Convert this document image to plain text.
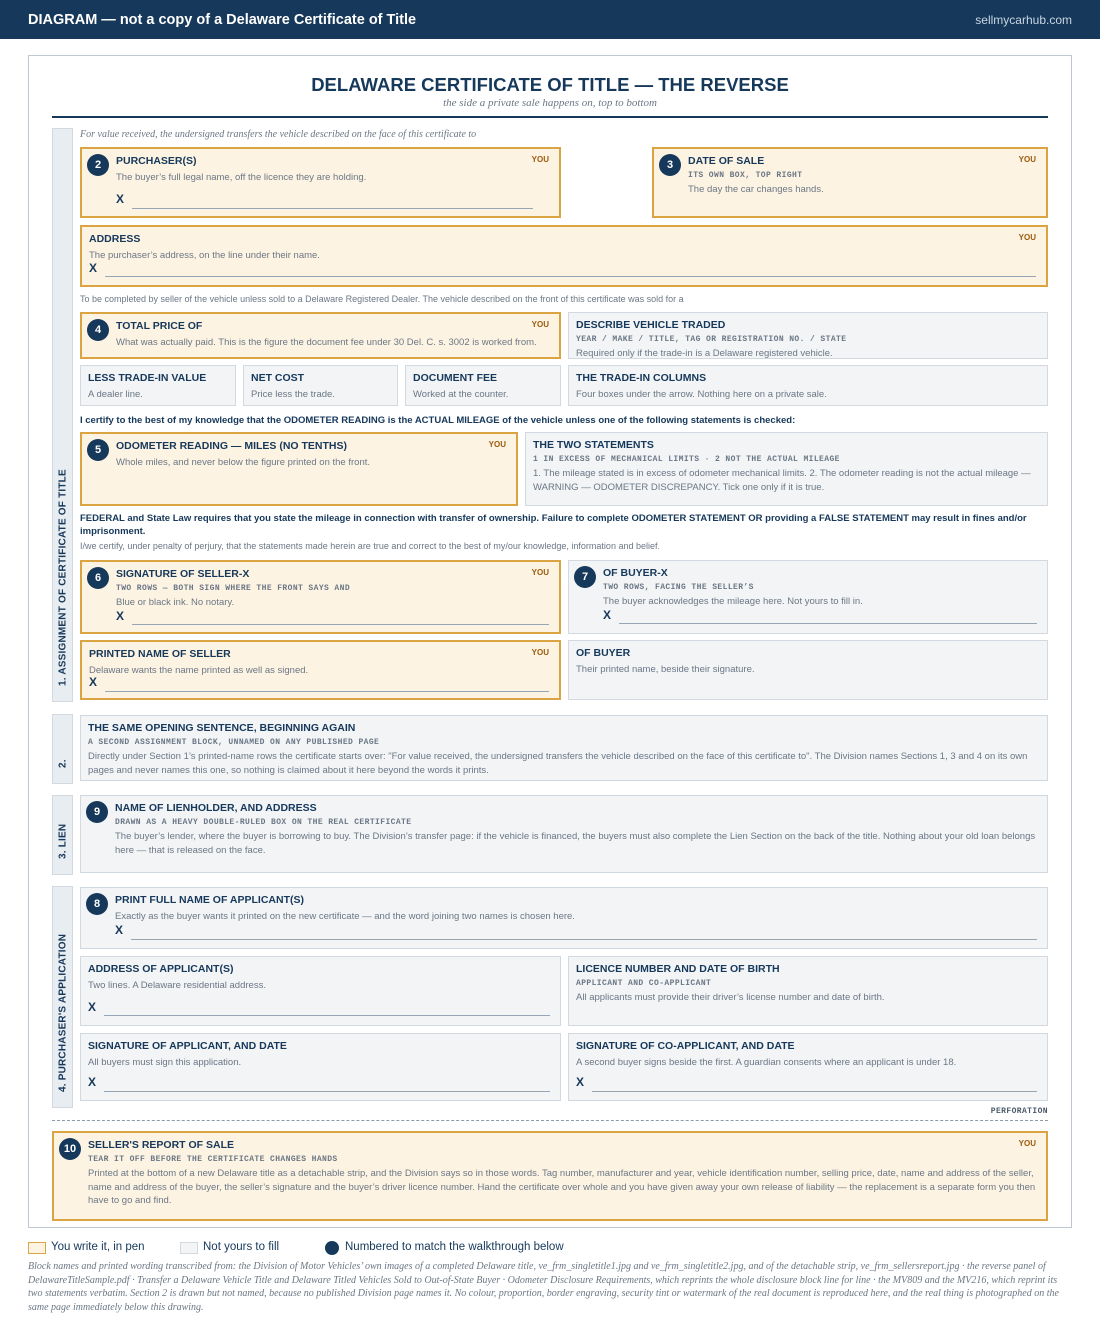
DIAGRAM — not a copy of a Delaware Certificate of Title	sellmycarhub.com
DELAWARE CERTIFICATE OF TITLE — THE REVERSE
the side a private sale happens on, top to bottom
1. ASSIGNMENT OF CERTIFICATE OF TITLE
2.
3. LIEN
4. PURCHASER'S APPLICATION
For value received, the undersigned transfers the vehicle described on the face of this certificate to
2	PURCHASER(S)	YOU
The buyer’s full legal name, off the licence they are holding.
X
3	DATE OF SALE	YOU
ITS OWN BOX, TOP RIGHT
The day the car changes hands.
ADDRESS	YOU
The purchaser’s address, on the line under their name.
X
To be completed by seller of the vehicle unless sold to a Delaware Registered Dealer. The vehicle described on the front of this certificate was sold for a
4	TOTAL PRICE OF	YOU
What was actually paid. This is the figure the document fee under 30 Del. C. s. 3002 is worked from.
DESCRIBE VEHICLE TRADED
YEAR / MAKE / TITLE, TAG OR REGISTRATION NO. / STATE
Required only if the trade-in is a Delaware registered vehicle.
LESS TRADE-IN VALUE
A dealer line.
NET COST
Price less the trade.
DOCUMENT FEE
Worked at the counter.
THE TRADE-IN COLUMNS
Four boxes under the arrow. Nothing here on a private sale.
I certify to the best of my knowledge that the ODOMETER READING is the ACTUAL MILEAGE of the vehicle unless one of the following statements is checked:
5	ODOMETER READING — MILES (NO TENTHS)	YOU
Whole miles, and never below the figure printed on the front.
THE TWO STATEMENTS
1 IN EXCESS OF MECHANICAL LIMITS · 2 NOT THE ACTUAL MILEAGE
1. The mileage stated is in excess of odometer mechanical limits. 2. The odometer reading is not the actual mileage — WARNING — ODOMETER DISCREPANCY. Tick one only if it is true.
FEDERAL and State Law requires that you state the mileage in connection with transfer of ownership. Failure to complete ODOMETER STATEMENT OR providing a FALSE STATEMENT may result in fines and/or imprisonment.
I/we certify, under penalty of perjury, that the statements made herein are true and correct to the best of my/our knowledge, information and belief.
6	SIGNATURE OF SELLER-X	YOU
TWO ROWS — BOTH SIGN WHERE THE FRONT SAYS AND
Blue or black ink. No notary.
X
7	OF BUYER-X
TWO ROWS, FACING THE SELLER’S
The buyer acknowledges the mileage here. Not yours to fill in.
X
PRINTED NAME OF SELLER	YOU
Delaware wants the name printed as well as signed.
X
OF BUYER
Their printed name, beside their signature.
THE SAME OPENING SENTENCE, BEGINNING AGAIN
A SECOND ASSIGNMENT BLOCK, UNNAMED ON ANY PUBLISHED PAGE
Directly under Section 1’s printed-name rows the certificate starts over: "For value received, the undersigned transfers the vehicle described on the face of this certificate to". The Division names Sections 1, 3 and 4 on its own pages and never names this one, so nothing is claimed about it here beyond the words it prints.
9	NAME OF LIENHOLDER, AND ADDRESS
DRAWN AS A HEAVY DOUBLE-RULED BOX ON THE REAL CERTIFICATE
The buyer’s lender, where the buyer is borrowing to buy. The Division’s transfer page: if the vehicle is financed, the buyers must also complete the Lien Section on the back of the title. Nothing about your old loan belongs here — that is released on the face.
8	PRINT FULL NAME OF APPLICANT(S)
Exactly as the buyer wants it printed on the new certificate — and the word joining two names is chosen here.
X
ADDRESS OF APPLICANT(S)
Two lines. A Delaware residential address.
X
LICENCE NUMBER AND DATE OF BIRTH
APPLICANT AND CO-APPLICANT
All applicants must provide their driver’s license number and date of birth.
SIGNATURE OF APPLICANT, AND DATE
All buyers must sign this application.
X
SIGNATURE OF CO-APPLICANT, AND DATE
A second buyer signs beside the first. A guardian consents where an applicant is under 18.
X
PERFORATION
10	SELLER'S REPORT OF SALE	YOU
TEAR IT OFF BEFORE THE CERTIFICATE CHANGES HANDS
Printed at the bottom of a new Delaware title as a detachable strip, and the Division says so in those words. Tag number, manufacturer and year, vehicle identification number, selling price, date, name and address of the seller, name and address of the buyer, the seller’s signature and the buyer’s driver licence number. Hand the certificate over whole and you have given away your own release of liability — the replacement is a separate form you then have to go and find.
You write it, in pen	Not yours to fill	Numbered to match the walkthrough below
Block names and printed wording transcribed from: the Division of Motor Vehicles’ own images of a completed Delaware title, ve_frm_singletitle1.jpg and ve_frm_singletitle2.jpg, and of the detachable strip, ve_frm_sellersreport.jpg · the reverse panel of DelawareTitleSample.pdf · Transfer a Delaware Vehicle Title and Delaware Titled Vehicles Sold to Out-of-State Buyer · Odometer Disclosure Requirements, which reprints the whole disclosure block line for line · the MV809 and the MV216, which reprint its two statements verbatim. Section 2 is drawn but not named, because no published Division page names it. No colour, proportion, border engraving, security tint or watermark of the real document is reproduced here, and the real thing is photographed on the same page immediately below this drawing.
